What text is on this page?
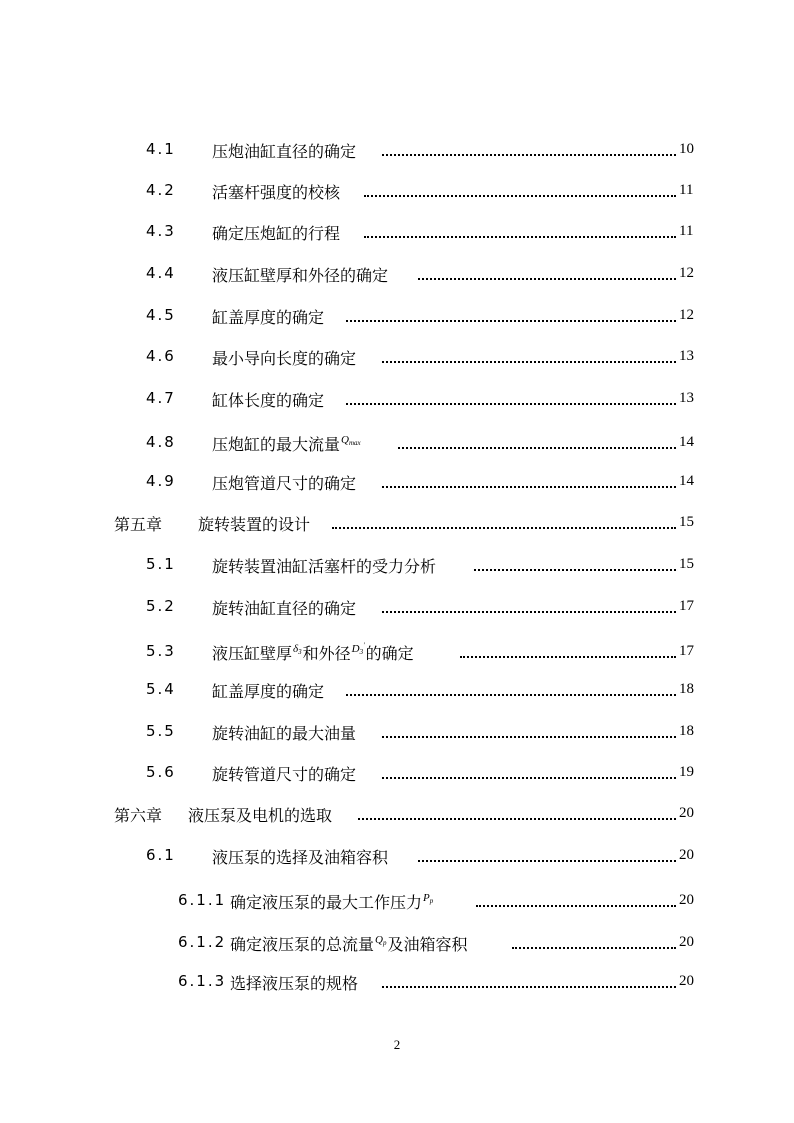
4.1 压炮油缸直径的确定	10
4.2 活塞杆强度的校核	11
4.3 确定压炮缸的行程	11
4.4 液压缸壁厚和外径的确定	12
4.5 缸盖厚度的确定	12
4.6 最小导向长度的确定	13
4.7 缸体长度的确定	13
4.8 压炮缸的最大流量$^{Q_{max}}$	14
4.9 压炮管道尺寸的确定	14
第五章 旋转装置的设计	15
5.1 旋转装置油缸活塞杆的受力分析	15
5.2 旋转油缸直径的确定	17
5.3 液压缸壁厚$^{\delta_3}$和外径$^{D_3'}$的确定	17
5.4 缸盖厚度的确定	18
5.5 旋转油缸的最大油量	18
5.6 旋转管道尺寸的确定	19
第六章 液压泵及电机的选取	20
6.1 液压泵的选择及油箱容积	20
6.1.1 确定液压泵的最大工作压力$^{P_p}$	20
6.1.2 确定液压泵的总流量$^{Q_p}$及油箱容积	20
6.1.3 选择液压泵的规格	20
2
